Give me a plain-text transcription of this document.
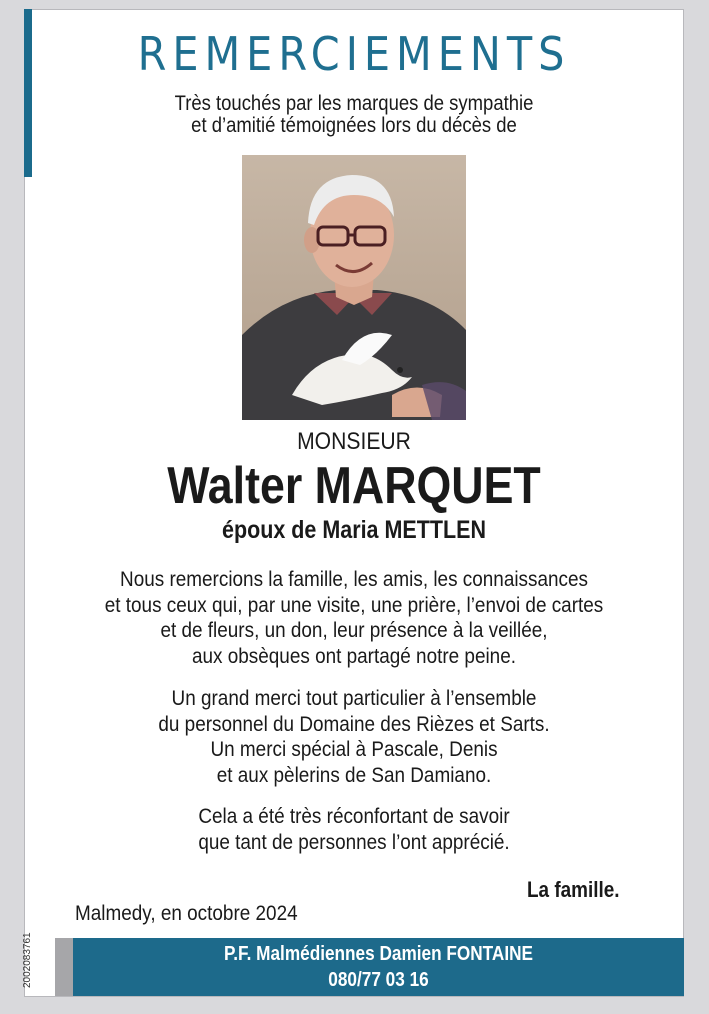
REMERCIEMENTS
Très touchés par les marques de sympathie
et d’amitié témoignées lors du décès de
MONSIEUR
Walter MARQUET
époux de Maria METTLEN
Nous remercions la famille, les amis, les connaissances
et tous ceux qui, par une visite, une prière, l’envoi de cartes
et de fleurs, un don, leur présence à la veillée,
aux obsèques ont partagé notre peine.
Un grand merci tout particulier à l’ensemble
du personnel du Domaine des Rièzes et Sarts.
Un merci spécial à Pascale, Denis
et aux pèlerins de San Damiano.
Cela a été très réconfortant de savoir
que tant de personnes l’ont apprécié.
La famille.
Malmedy, en octobre 2024
2002083761	P.F. Malmédiennes Damien FONTAINE
080/77 03 16
